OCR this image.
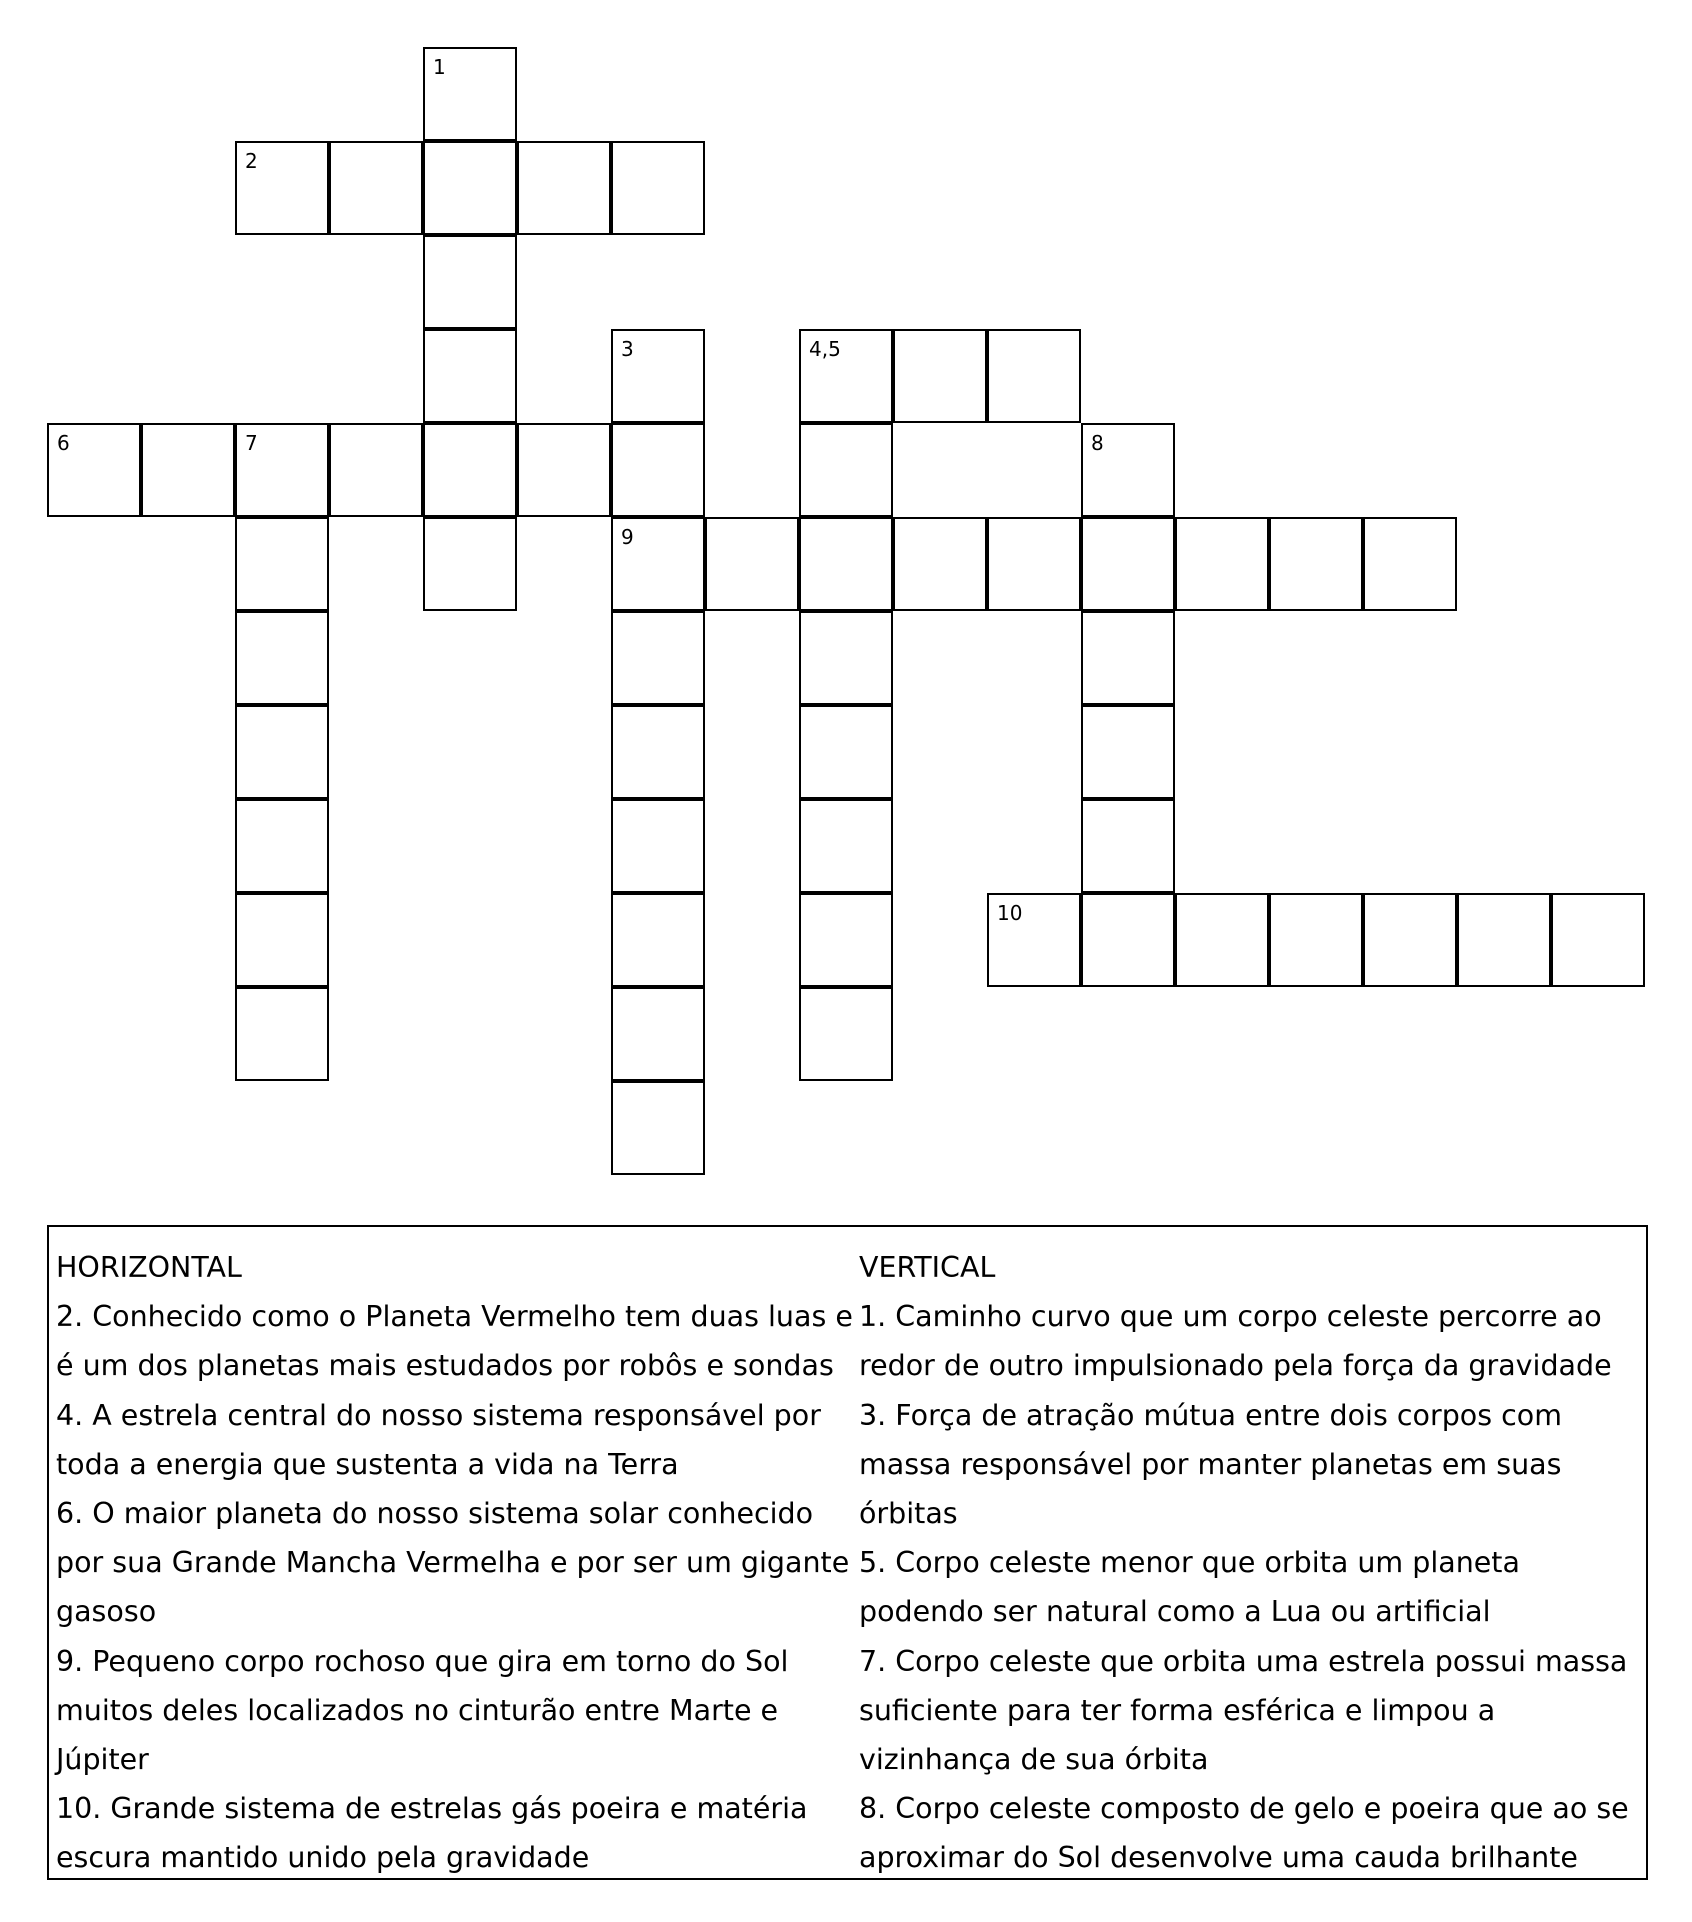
1
2
3	4,5
6	7	8
9
10
HORIZONTAL
2. Conhecido como o Planeta Vermelho tem duas luas e é um dos planetas mais estudados por robôs e sondas
4. A estrela central do nosso sistema responsável por toda a energia que sustenta a vida na Terra
6. O maior planeta do nosso sistema solar conhecido por sua Grande Mancha Vermelha e por ser um gigante gasoso
9. Pequeno corpo rochoso que gira em torno do Sol muitos deles localizados no cinturão entre Marte e Júpiter
10. Grande sistema de estrelas gás poeira e matéria escura mantido unido pela gravidade
VERTICAL
1. Caminho curvo que um corpo celeste percorre ao redor de outro impulsionado pela força da gravidade
3. Força de atração mútua entre dois corpos com massa responsável por manter planetas em suas órbitas
5. Corpo celeste menor que orbita um planeta podendo ser natural como a Lua ou artificial
7. Corpo celeste que orbita uma estrela possui massa suficiente para ter forma esférica e limpou a vizinhança de sua órbita
8. Corpo celeste composto de gelo e poeira que ao se aproximar do Sol desenvolve uma cauda brilhante
